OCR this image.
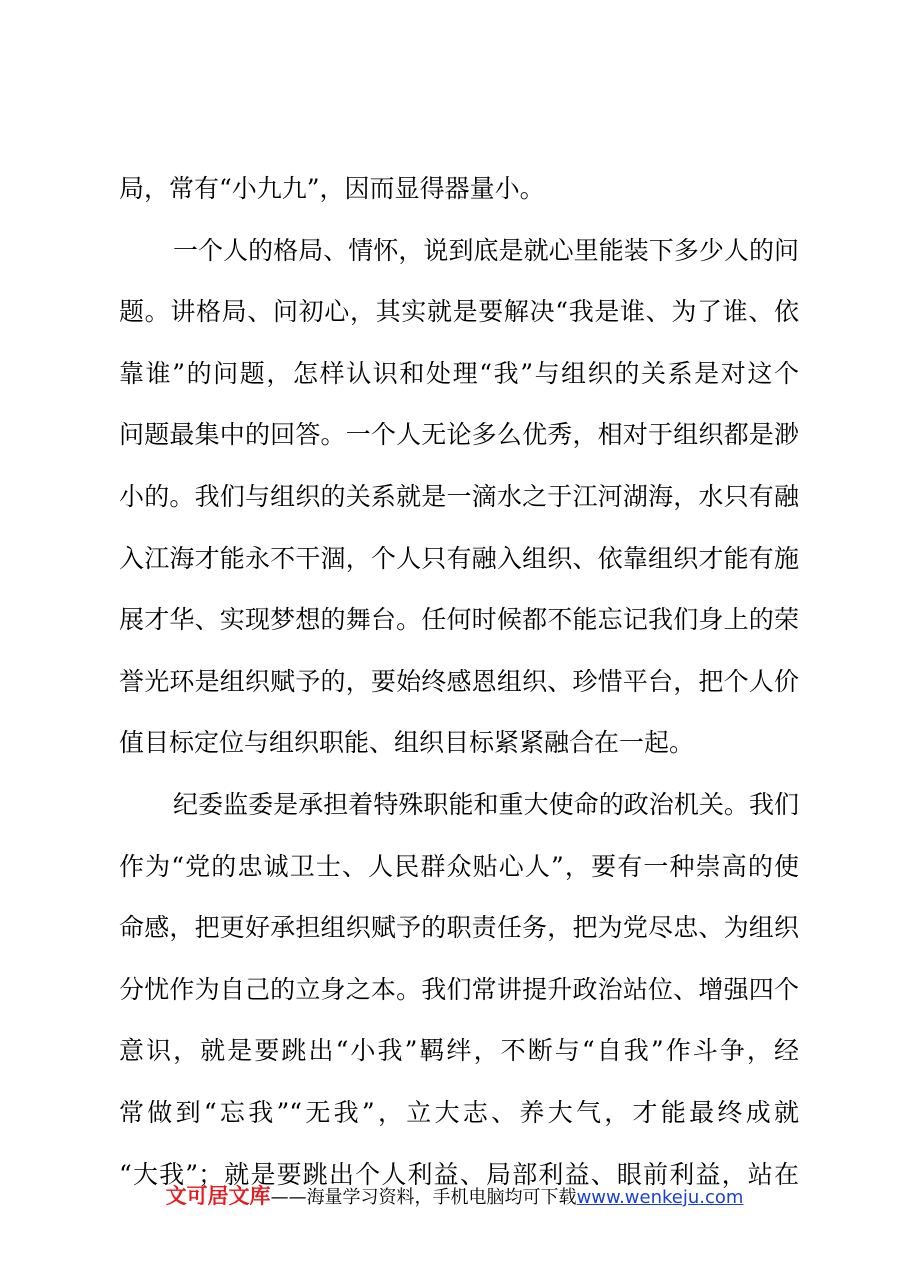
局，常有“小九九”，因而显得器量小。
一个人的格局、情怀，说到底是就心里能装下多少人的问
题。讲格局、问初心，其实就是要解决“我是谁、为了谁、依
靠谁”的问题，怎样认识和处理“我”与组织的关系是对这个
问题最集中的回答。一个人无论多么优秀，相对于组织都是渺
小的。我们与组织的关系就是一滴水之于江河湖海，水只有融
入江海才能永不干涸，个人只有融入组织、依靠组织才能有施
展才华、实现梦想的舞台。任何时候都不能忘记我们身上的荣
誉光环是组织赋予的，要始终感恩组织、珍惜平台，把个人价
值目标定位与组织职能、组织目标紧紧融合在一起。
纪委监委是承担着特殊职能和重大使命的政治机关。我们
作为“党的忠诚卫士、人民群众贴心人”，要有一种崇高的使
命感，把更好承担组织赋予的职责任务，把为党尽忠、为组织
分忧作为自己的立身之本。我们常讲提升政治站位、增强四个
意识，就是要跳出“小我”羁绊，不断与“自我”作斗争，经
常做到“忘我”“无我”，立大志、养大气，才能最终成就
“大我”；就是要跳出个人利益、局部利益、眼前利益，站在
文可居文库——海量学习资料，手机电脑均可下载www.wenkeju.com
